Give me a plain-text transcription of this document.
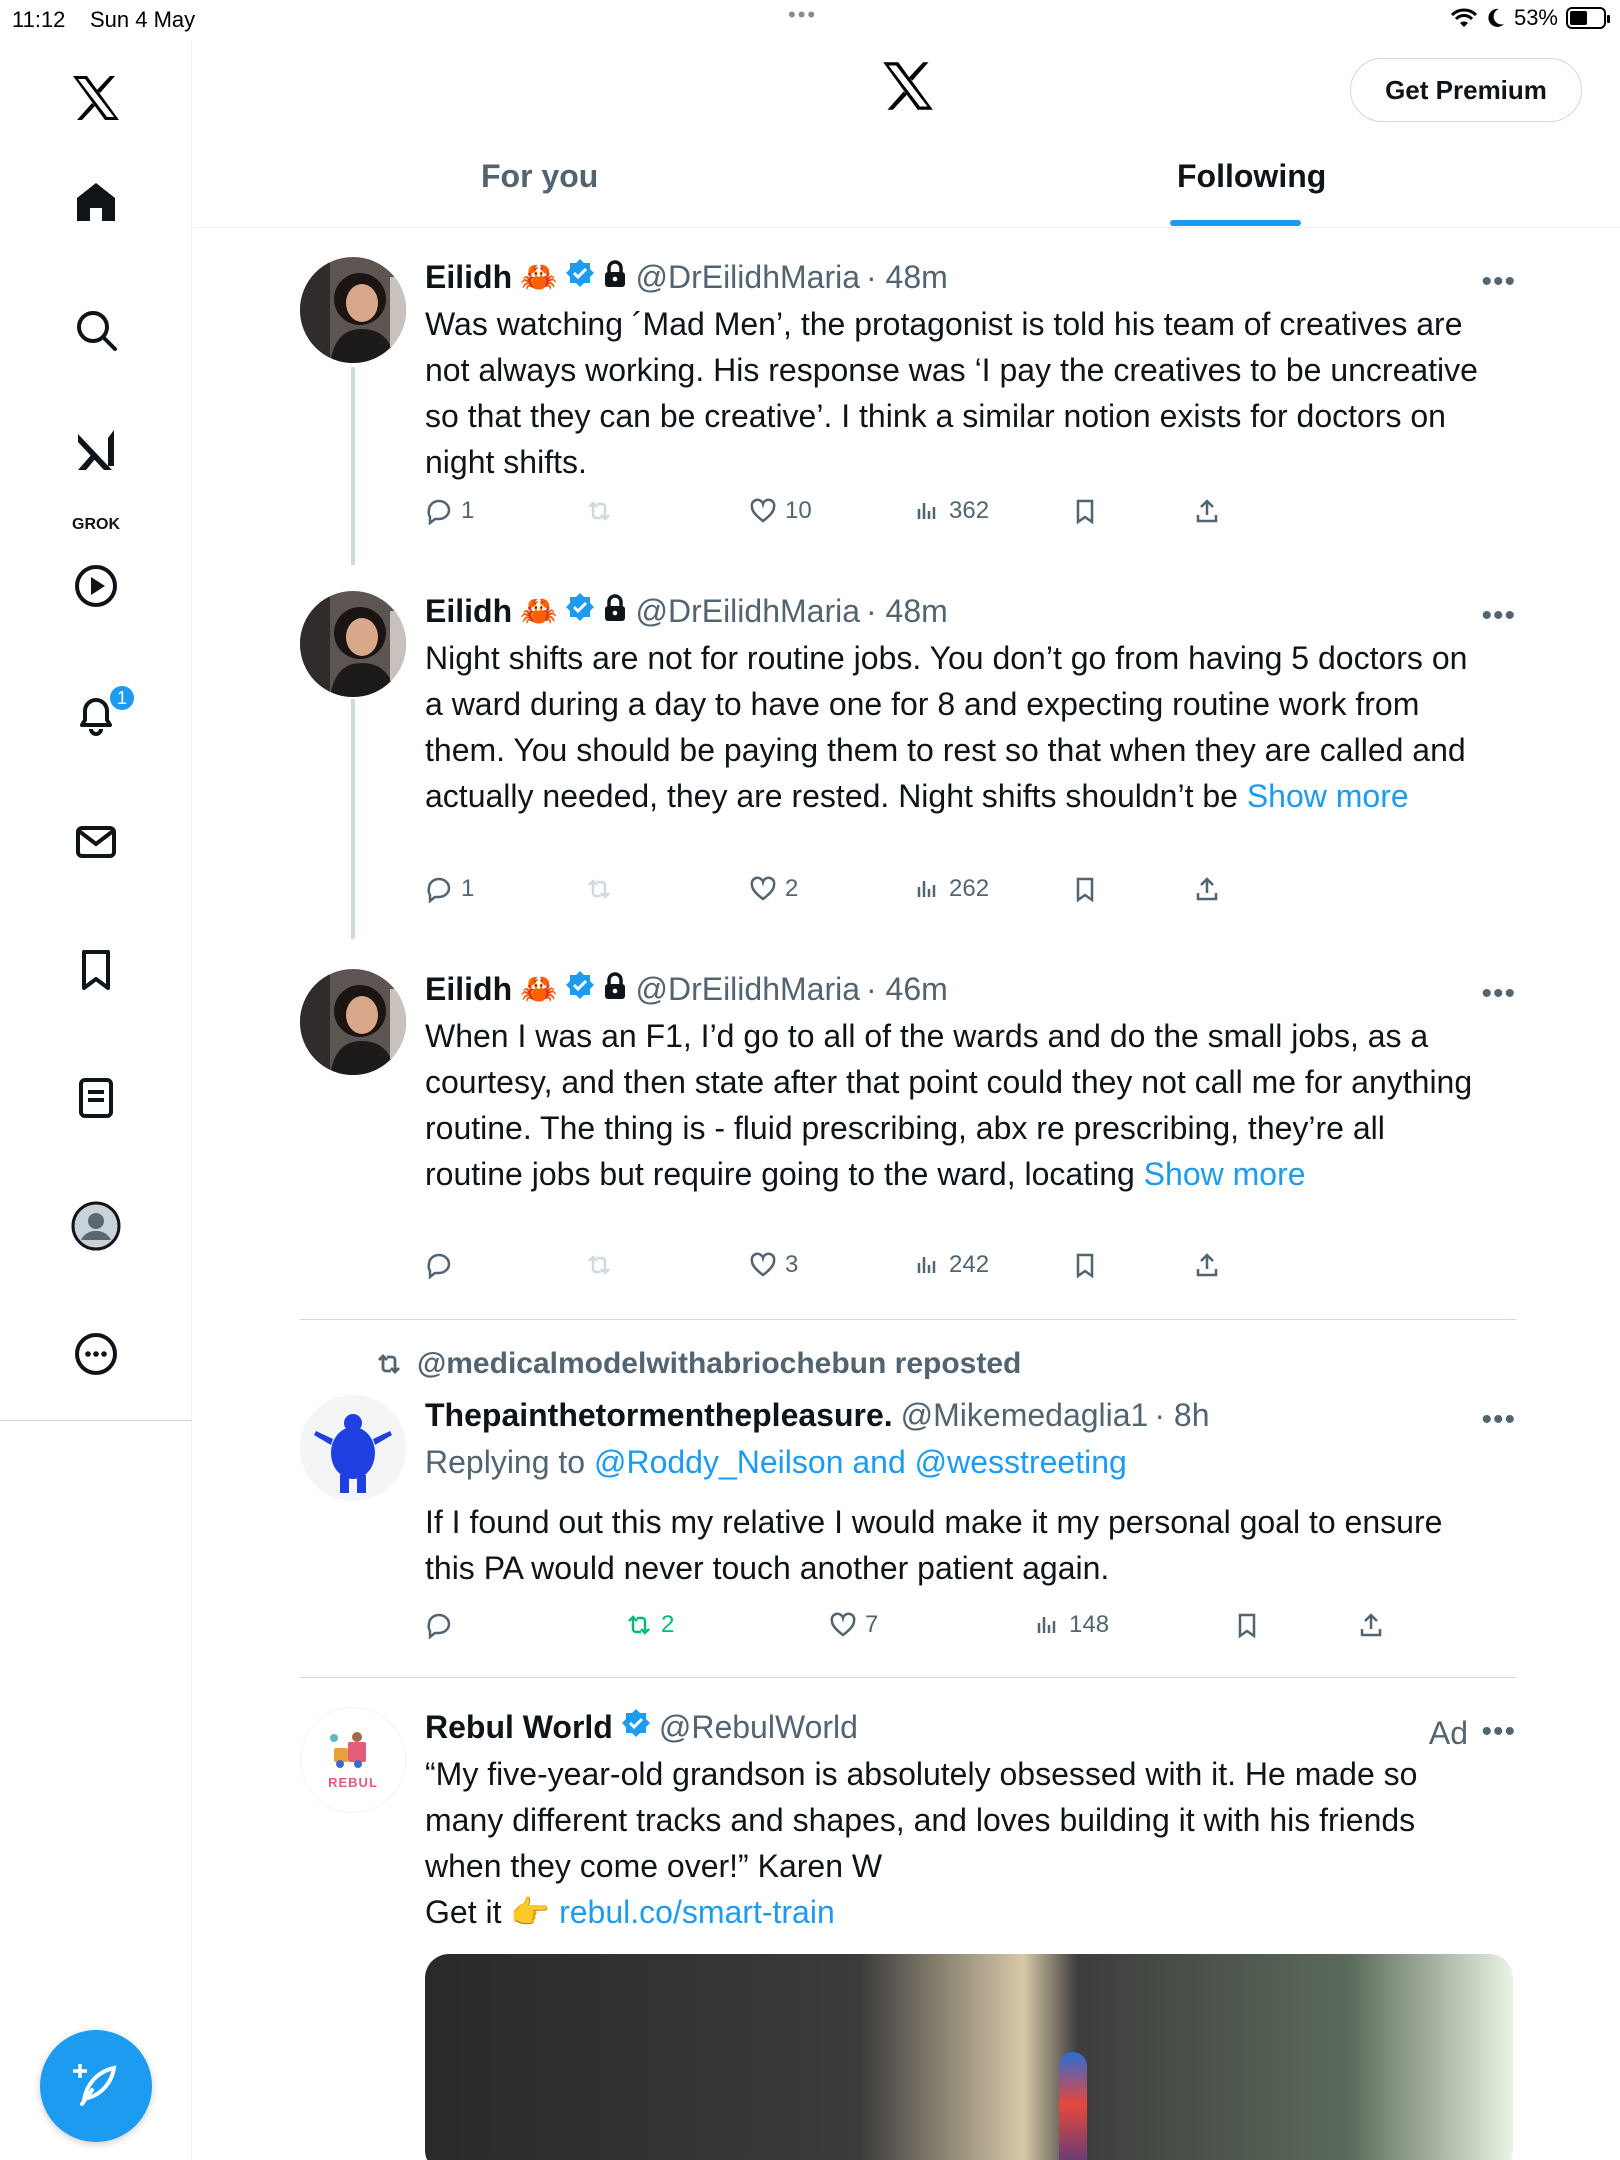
11:12 Sun 4 May	•••	53%
GROK
1
Get Premium
For you	Following
Eilidh 🦀 @DrEilidhMaria · 48m
Was watching ´Mad Men’, the protagonist is told his team of creatives are not always working. His response was ‘I pay the creatives to be uncreative so that they can be creative’. I think a similar notion exists for doctors on night shifts.
•••
1	10	362
Eilidh 🦀 @DrEilidhMaria · 48m
Night shifts are not for routine jobs. You don’t go from having 5 doctors on a ward during a day to have one for 8 and expecting routine work from them. You should be paying them to rest so that when they are called and actually needed, they are rested. Night shifts shouldn’t be Show more
•••
1	2	262
Eilidh 🦀 @DrEilidhMaria · 46m
When I was an F1, I’d go to all of the wards and do the small jobs, as a courtesy, and then state after that point could they not call me for anything routine. The thing is - fluid prescribing, abx re prescribing, they’re all routine jobs but require going to the ward, locating Show more
•••
3	242
@medicalmodelwithabriochebun reposted
Thepainthetormenthepleasure. @Mikemedaglia1 · 8h
Replying to @Roddy_Neilson and @wesstreeting
If I found out this my relative I would make it my personal goal to ensure this PA would never touch another patient again.
•••
2	7	148
REBUL
Rebul World @RebulWorld
“My five-year-old grandson is absolutely obsessed with it. He made so many different tracks and shapes, and loves building it with his friends when they come over!” Karen W
Get it 👉 rebul.co/smart-train
Ad •••
